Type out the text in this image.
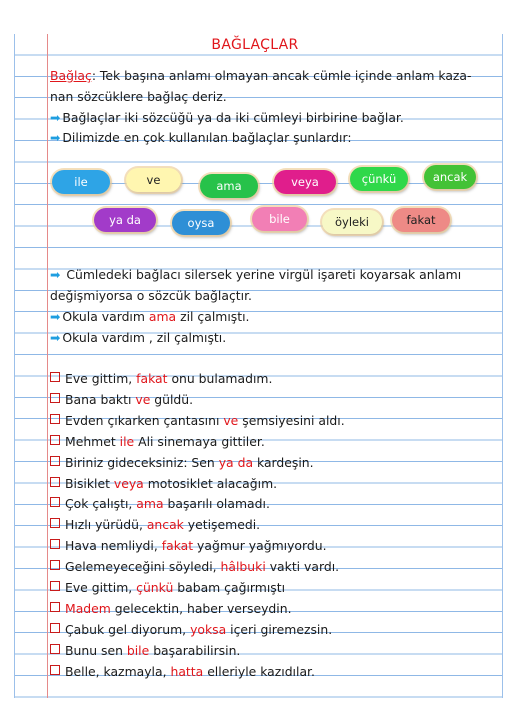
BAĞLAÇLAR
Bağlaç: Tek başına anlamı olmayan ancak cümle içinde anlam kaza-
nan sözcüklere bağlaç deriz.
➡ Bağlaçlar iki sözcüğü ya da iki cümleyi birbirine bağlar.
➡ Dilimizde en çok kullanılan bağlaçlar şunlardır:
ile	ve	ama	veya	çünkü	ancak
ya da	oysa	bile	öyleki	fakat
➡ Cümledeki bağlacı silersek yerine virgül işareti koyarsak anlamı
değişmiyorsa o sözcük bağlaçtır.
➡ Okula vardım ama zil çalmıştı.
➡ Okula vardım , zil çalmıştı.
Eve gittim, fakat onu bulamadım.
Bana baktı ve güldü.
Evden çıkarken çantasını ve şemsiyesini aldı.
Mehmet ile Ali sinemaya gittiler.
Biriniz gideceksiniz: Sen ya da kardeşin.
Bisiklet veya motosiklet alacağım.
Çok çalıştı, ama başarılı olamadı.
Hızlı yürüdü, ancak yetişemedi.
Hava nemliydi, fakat yağmur yağmıyordu.
Gelemeyeceğini söyledi, hâlbuki vakti vardı.
Eve gittim, çünkü babam çağırmıştı
Madem gelecektin, haber verseydin.
Çabuk gel diyorum, yoksa içeri giremezsin.
Bunu sen bile başarabilirsin.
Belle, kazmayla, hatta elleriyle kazıdılar.
